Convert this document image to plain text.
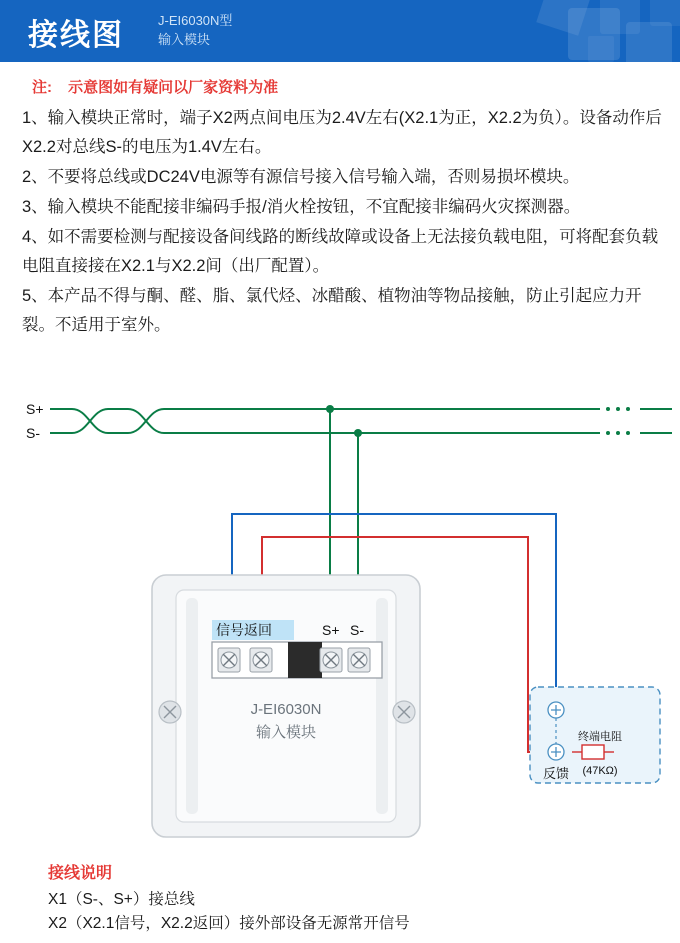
接线图	J-EI6030N型
输入模块
注: 示意图如有疑问以厂家资料为准

1、输入模块正常时，端子X2两点间电压为2.4V左右(X2.1为正，X2.2为负）。设备动作后X2.2对总线S-的电压为1.4V左右。

2、不要将总线或DC24V电源等有源信号接入信号输入端，否则易损坏模块。

3、输入模块不能配接非编码手报/消火栓按钮，不宜配接非编码火灾探测器。

4、如不需要检测与配接设备间线路的断线故障或设备上无法接负载电阻，可将配套负载电阻直接接在X2.1与X2.2间（出厂配置）。

5、本产品不得与酮、醛、脂、氯代烃、冰醋酸、植物油等物品接触，防止引起应力开裂。不适用于室外。

S+
S-
信号返回	S+ S-
J-EI6030N
输入模块
反馈
终端电阻
(47KΩ)
接线说明
X1（S-、S+）接总线
X2（X2.1信号，X2.2返回）接外部设备无源常开信号
